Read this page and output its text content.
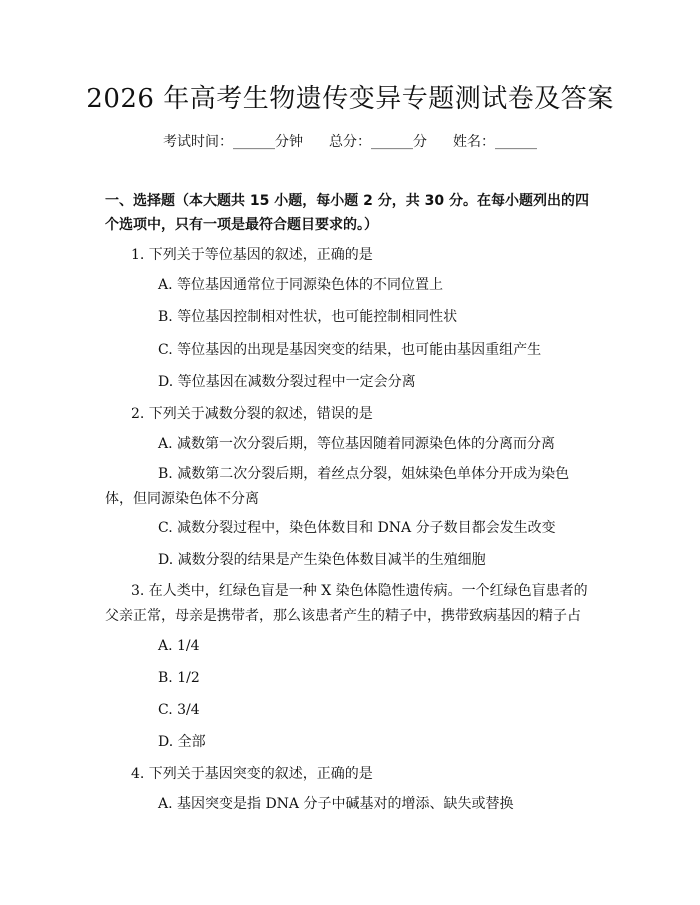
2026 年高考生物遗传变异专题测试卷及答案
考试时间：______分钟 总分：______分 姓名：______
一、选择题（本大题共 15 小题，每小题 2 分，共 30 分。在每小题列出的四个选项中，只有一项是最符合题目要求的。）
1. 下列关于等位基因的叙述，正确的是
A. 等位基因通常位于同源染色体的不同位置上
B. 等位基因控制相对性状，也可能控制相同性状
C. 等位基因的出现是基因突变的结果，也可能由基因重组产生
D. 等位基因在减数分裂过程中一定会分离
2. 下列关于减数分裂的叙述，错误的是
A. 减数第一次分裂后期，等位基因随着同源染色体的分离而分离
B. 减数第二次分裂后期，着丝点分裂，姐妹染色单体分开成为染色体，但同源染色体不分离
C. 减数分裂过程中，染色体数目和 DNA 分子数目都会发生改变
D. 减数分裂的结果是产生染色体数目减半的生殖细胞
3. 在人类中，红绿色盲是一种 X 染色体隐性遗传病。一个红绿色盲患者的父亲正常，母亲是携带者，那么该患者产生的精子中，携带致病基因的精子占
A. 1/4
B. 1/2
C. 3/4
D. 全部
4. 下列关于基因突变的叙述，正确的是
A. 基因突变是指 DNA 分子中碱基对的增添、缺失或替换
